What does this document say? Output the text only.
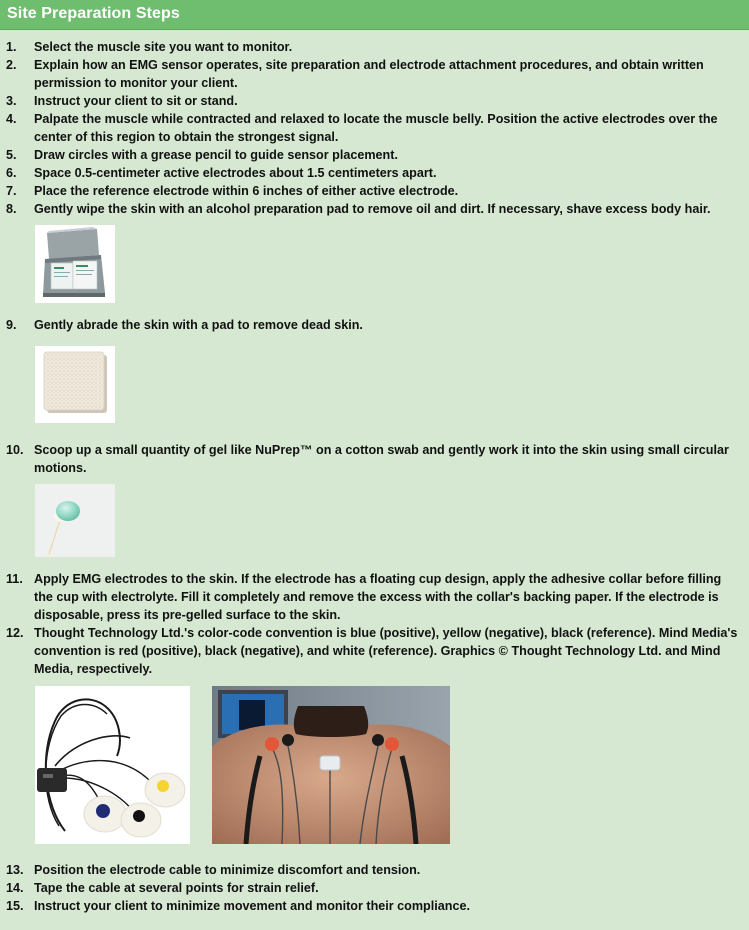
Site Preparation Steps
1. Select the muscle site you want to monitor.
2. Explain how an EMG sensor operates, site preparation and electrode attachment procedures, and obtain written permission to monitor your client.
3. Instruct your client to sit or stand.
4. Palpate the muscle while contracted and relaxed to locate the muscle belly. Position the active electrodes over the center of this region to obtain the strongest signal.
5. Draw circles with a grease pencil to guide sensor placement.
6. Space 0.5-centimeter active electrodes about 1.5 centimeters apart.
7. Place the reference electrode within 6 inches of either active electrode.
8. Gently wipe the skin with an alcohol preparation pad to remove oil and dirt. If necessary, shave excess body hair.
9. Gently abrade the skin with a pad to remove dead skin.
10. Scoop up a small quantity of gel like NuPrep™ on a cotton swab and gently work it into the skin using small circular motions.
11. Apply EMG electrodes to the skin. If the electrode has a floating cup design, apply the adhesive collar before filling the cup with electrolyte. Fill it completely and remove the excess with the collar's backing paper. If the electrode is disposable, press its pre-gelled surface to the skin.
12. Thought Technology Ltd.'s color-code convention is blue (positive), yellow (negative), black (reference). Mind Media's convention is red (positive), black (negative), and white (reference). Graphics © Thought Technology Ltd. and Mind Media, respectively.
13. Position the electrode cable to minimize discomfort and tension.
14. Tape the cable at several points for strain relief.
15. Instruct your client to minimize movement and monitor their compliance.
